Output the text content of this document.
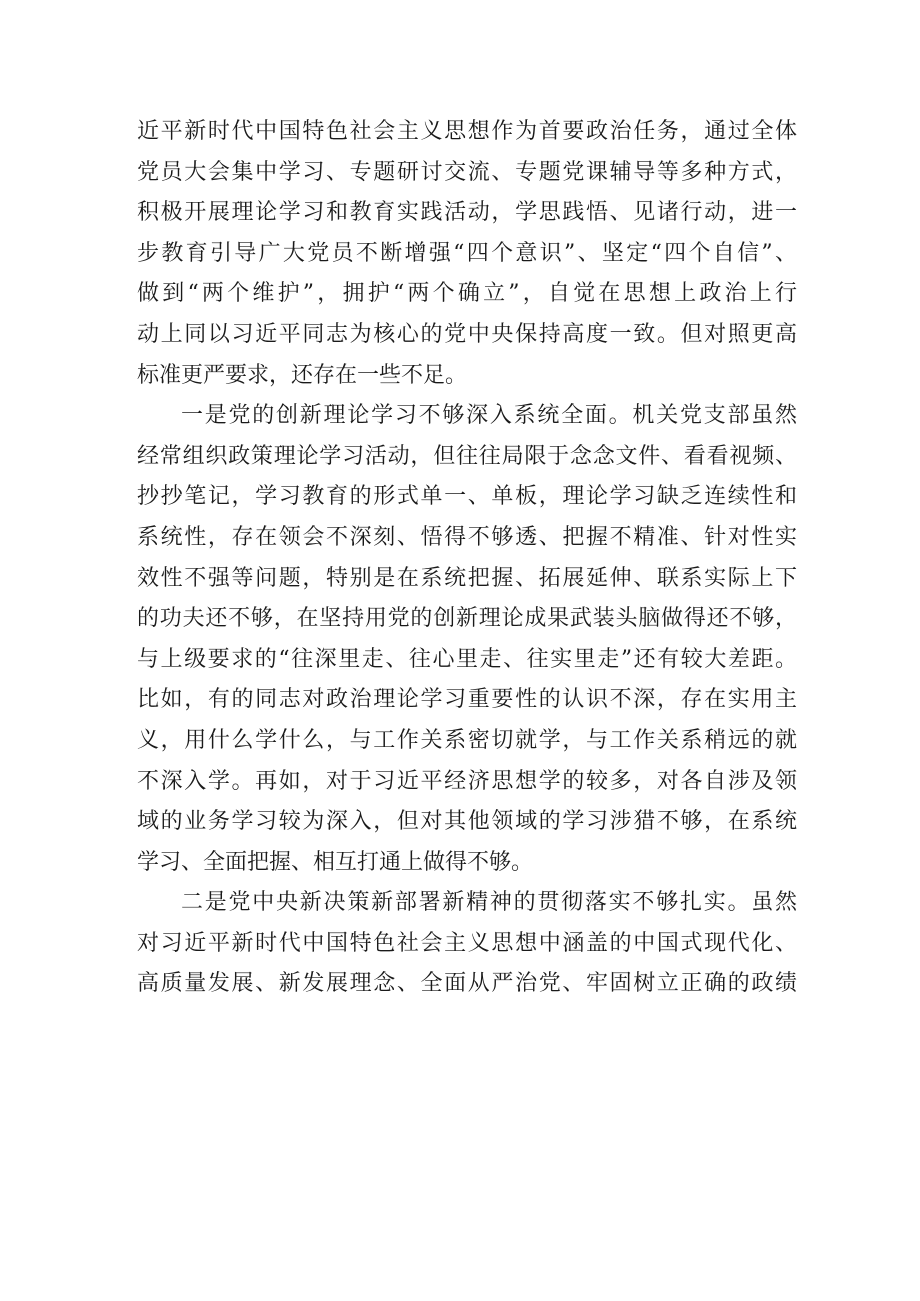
近平新时代中国特色社会主义思想作为首要政治任务，通过全体
党员大会集中学习、专题研讨交流、专题党课辅导等多种方式，
积极开展理论学习和教育实践活动，学思践悟、见诸行动，进一
步教育引导广大党员不断增强“四个意识”、坚定“四个自信”、
做到“两个维护”，拥护“两个确立”，自觉在思想上政治上行
动上同以习近平同志为核心的党中央保持高度一致。但对照更高
标准更严要求，还存在一些不足。
一是党的创新理论学习不够深入系统全面。机关党支部虽然
经常组织政策理论学习活动，但往往局限于念念文件、看看视频、
抄抄笔记，学习教育的形式单一、单板，理论学习缺乏连续性和
系统性，存在领会不深刻、悟得不够透、把握不精准、针对性实
效性不强等问题，特别是在系统把握、拓展延伸、联系实际上下
的功夫还不够，在坚持用党的创新理论成果武装头脑做得还不够，
与上级要求的“往深里走、往心里走、往实里走”还有较大差距。
比如，有的同志对政治理论学习重要性的认识不深，存在实用主
义，用什么学什么，与工作关系密切就学，与工作关系稍远的就
不深入学。再如，对于习近平经济思想学的较多，对各自涉及领
域的业务学习较为深入，但对其他领域的学习涉猎不够，在系统
学习、全面把握、相互打通上做得不够。
二是党中央新决策新部署新精神的贯彻落实不够扎实。虽然
对习近平新时代中国特色社会主义思想中涵盖的中国式现代化、
高质量发展、新发展理念、全面从严治党、牢固树立正确的政绩
